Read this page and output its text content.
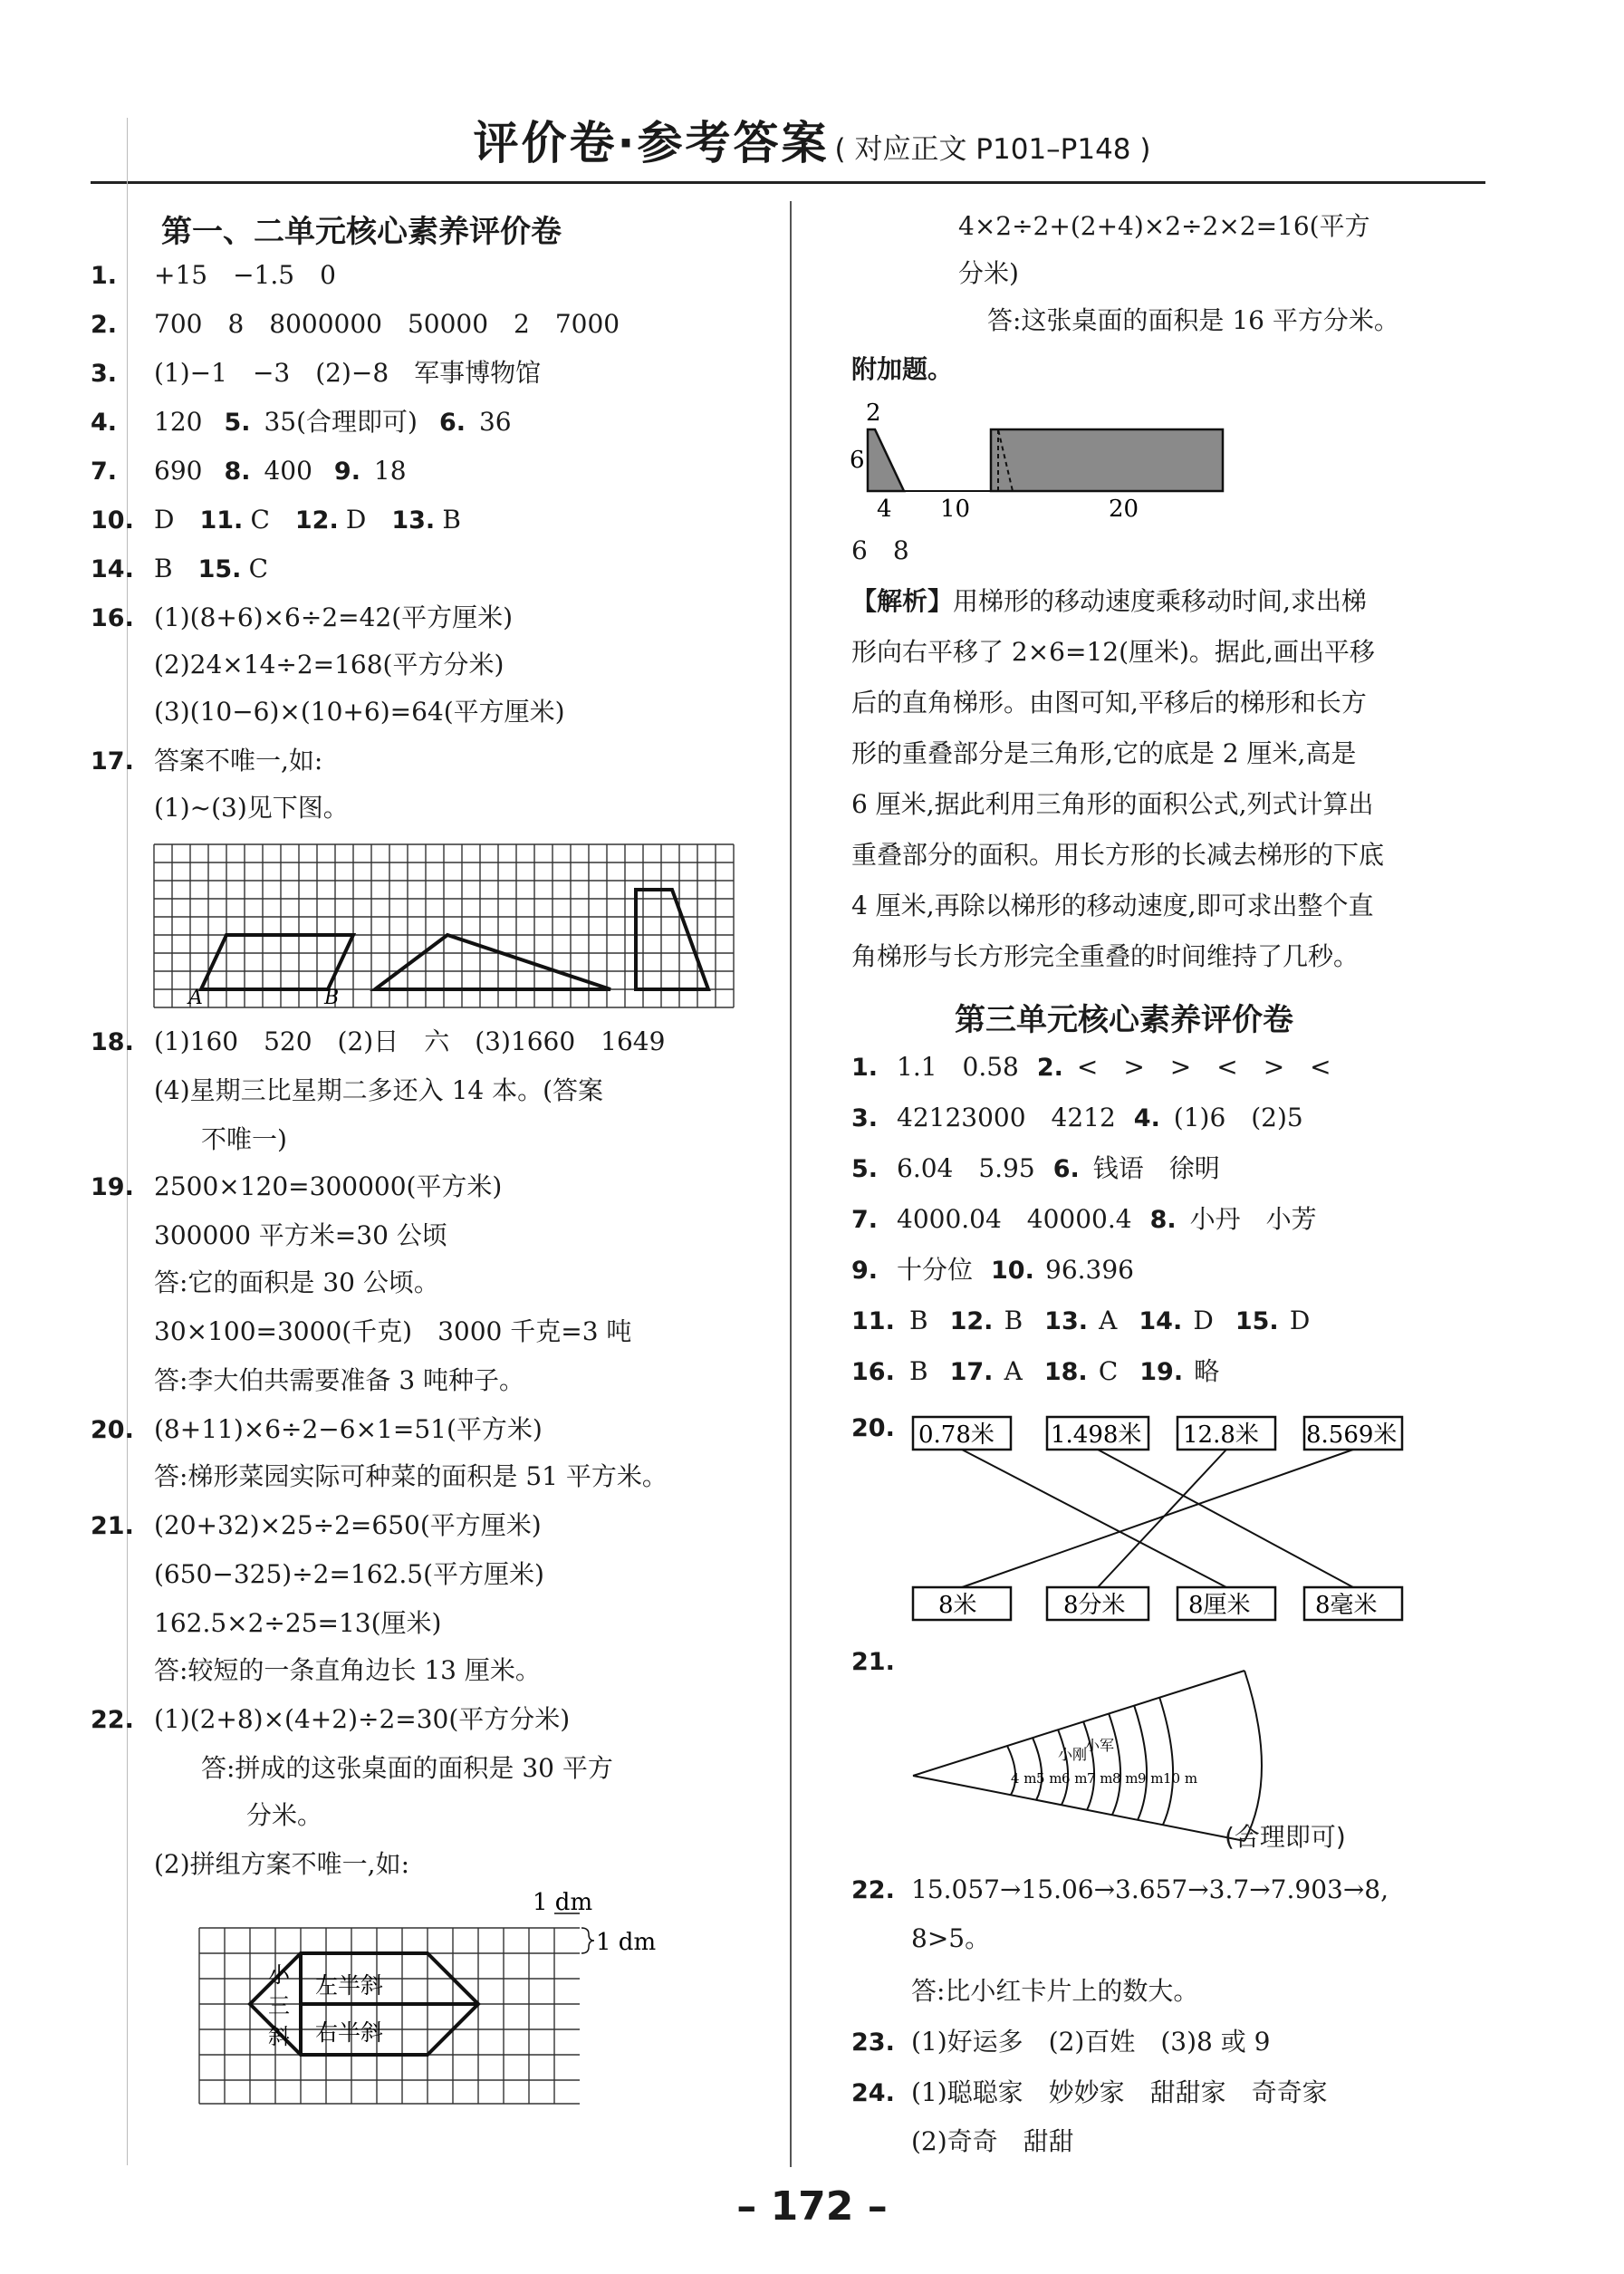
评价卷·参考答案 ( 对应正文 P101–P148 )
第一、二单元核心素养评价卷
1. +15　−1.5　0
2. 700　8　8000000　50000　2　7000
3. (1)−1　−3　(2)−8　军事博物馆
4. 120 5. 35(合理即可) 6. 36
7. 690 8. 400 9. 18
10. D 11. C 12. D 13. B
14. B 15. C
16. (1)(8+6)×6÷2=42(平方厘米)
(2)24×14÷2=168(平方分米)
(3)(10−6)×(10+6)=64(平方厘米)
17. 答案不唯一,如:
(1)~(3)见下图。
A	B
18. (1)160　520　(2)日　六　(3)1660　1649
(4)星期三比星期二多还入 14 本。(答案
不唯一)
19. 2500×120=300000(平方米)
300000 平方米=30 公顷
答:它的面积是 30 公顷。
30×100=3000(千克)　3000 千克=3 吨
答:李大伯共需要准备 3 吨种子。
20. (8+11)×6÷2−6×1=51(平方米)
答:梯形菜园实际可种菜的面积是 51 平方米。
21. (20+32)×25÷2=650(平方厘米)
(650−325)÷2=162.5(平方厘米)
162.5×2÷25=13(厘米)
答:较短的一条直角边长 13 厘米。
22. (1)(2+8)×(4+2)÷2=30(平方分米)
答:拼成的这张桌面的面积是 30 平方
分米。
(2)拼组方案不唯一,如:
1 dm
1 dm
小
三
斜
左半斜
右半斜
4×2÷2+(2+4)×2÷2×2=16(平方
分米)
答:这张桌面的面积是 16 平方分米。
附加题。
2
6
4 10	20
6　8
【解析】用梯形的移动速度乘移动时间,求出梯
形向右平移了 2×6=12(厘米)。据此,画出平移
后的直角梯形。由图可知,平移后的梯形和长方
形的重叠部分是三角形,它的底是 2 厘米,高是
6 厘米,据此利用三角形的面积公式,列式计算出
重叠部分的面积。用长方形的长减去梯形的下底
4 厘米,再除以梯形的移动速度,即可求出整个直
角梯形与长方形完全重叠的时间维持了几秒。
第三单元核心素养评价卷
1. 1.1　0.58 2. <　>　>　<　>　<
3. 42123000　4212 4. (1)6　(2)5
5. 6.04　5.95 6. 钱语　徐明
7. 4000.04　40000.4 8. 小丹　小芳
9. 十分位 10. 96.396
11. B 12. B 13. A 14. D 15. D
16. B 17. A 18. C 19. 略
20. 0.78米 1.498米 12.8米 8.569米
8米	8分米	8厘米	8毫米
21.
4 m 5 m 6 m 7 m 8 m 9 m 10 m
小刚
小军
(合理即可)
22. 15.057→15.06→3.657→3.7→7.903→8,
8>5。
答:比小红卡片上的数大。
23. (1)好运多　(2)百姓　(3)8 或 9
24. (1)聪聪家　妙妙家　甜甜家　奇奇家
(2)奇奇　甜甜
– 172 –
